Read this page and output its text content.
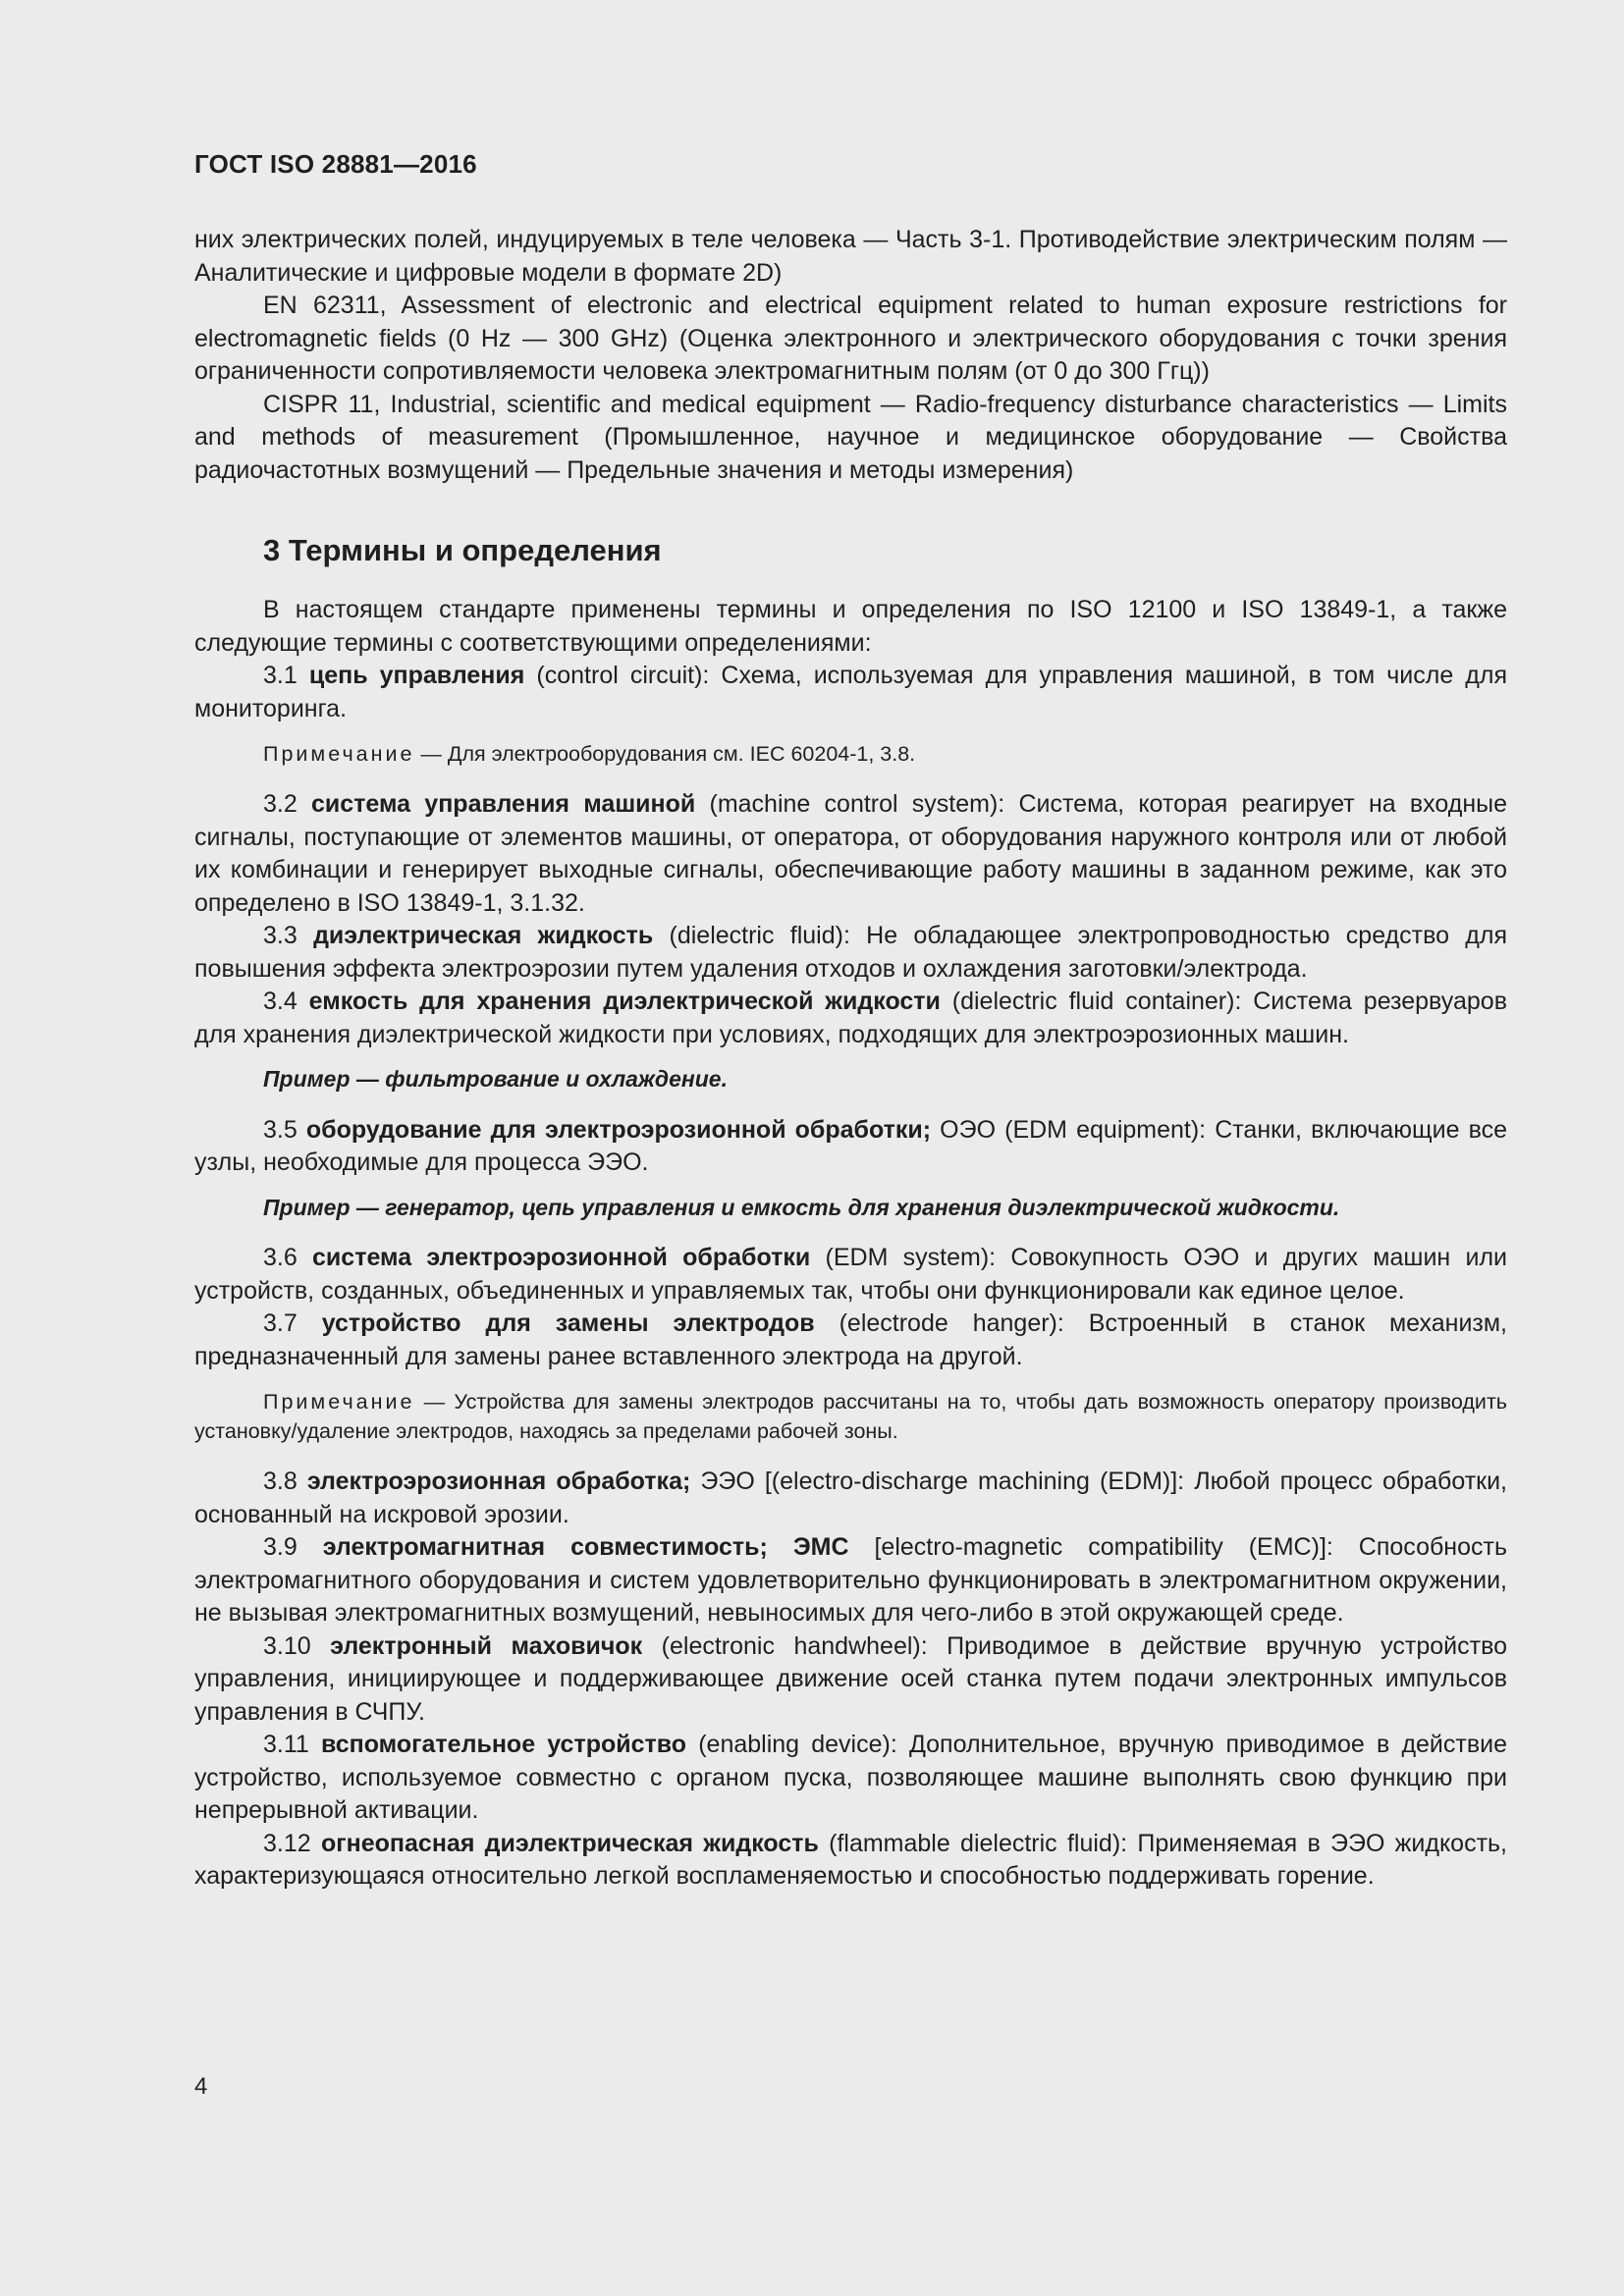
ГОСТ ISO 28881—2016

них электрических полей, индуцируемых в теле человека — Часть 3-1. Противодействие электрическим полям — Аналитические и цифровые модели в формате 2D)

EN 62311, Assessment of electronic and electrical equipment related to human exposure restrictions for electromagnetic fields (0 Hz — 300 GHz) (Оценка электронного и электрического оборудования с точки зрения ограниченности сопротивляемости человека электромагнитным полям (от 0 до 300 Ггц))

CISPR 11, Industrial, scientific and medical equipment — Radio-frequency disturbance characteristics — Limits and methods of measurement (Промышленное, научное и медицинское оборудование — Свойства радиочастотных возмущений — Предельные значения и методы измерения)

3 Термины и определения

В настоящем стандарте применены термины и определения по ISO 12100 и ISO 13849-1, а также следующие термины с соответствующими определениями:

3.1 цепь управления (control circuit): Схема, используемая для управления машиной, в том числе для мониторинга.

Примечание — Для электрооборудования см. IEC 60204-1, 3.8.

3.2 система управления машиной (machine control system): Система, которая реагирует на входные сигналы, поступающие от элементов машины, от оператора, от оборудования наружного контроля или от любой их комбинации и генерирует выходные сигналы, обеспечивающие работу машины в заданном режиме, как это определено в ISO 13849-1, 3.1.32.

3.3 диэлектрическая жидкость (dielectric fluid): Не обладающее электропроводностью средство для повышения эффекта электроэрозии путем удаления отходов и охлаждения заготовки/электрода.

3.4 емкость для хранения диэлектрической жидкости (dielectric fluid container): Система резервуаров для хранения диэлектрической жидкости при условиях, подходящих для электроэрозионных машин.

Пример — фильтрование и охлаждение.

3.5 оборудование для электроэрозионной обработки; ОЭО (EDM equipment): Станки, включающие все узлы, необходимые для процесса ЭЭО.

Пример — генератор, цепь управления и емкость для хранения диэлектрической жидкости.

3.6 система электроэрозионной обработки (EDM system): Совокупность ОЭО и других машин или устройств, созданных, объединенных и управляемых так, чтобы они функционировали как единое целое.

3.7 устройство для замены электродов (electrode hanger): Встроенный в станок механизм, предназначенный для замены ранее вставленного электрода на другой.

Примечание — Устройства для замены электродов рассчитаны на то, чтобы дать возможность оператору производить установку/удаление электродов, находясь за пределами рабочей зоны.

3.8 электроэрозионная обработка; ЭЭО [(electro-discharge machining (EDM)]: Любой процесс обработки, основанный на искровой эрозии.

3.9 электромагнитная совместимость; ЭМС [electro-magnetic compatibility (EMC)]: Способность электромагнитного оборудования и систем удовлетворительно функционировать в электромагнитном окружении, не вызывая электромагнитных возмущений, невыносимых для чего-либо в этой окружающей среде.

3.10 электронный маховичок (electronic handwheel): Приводимое в действие вручную устройство управления, инициирующее и поддерживающее движение осей станка путем подачи электронных импульсов управления в СЧПУ.

3.11 вспомогательное устройство (enabling device): Дополнительное, вручную приводимое в действие устройство, используемое совместно с органом пуска, позволяющее машине выполнять свою функцию при непрерывной активации.

3.12 огнеопасная диэлектрическая жидкость (flammable dielectric fluid): Применяемая в ЭЭО жидкость, характеризующаяся относительно легкой воспламеняемостью и способностью поддерживать горение.

4
